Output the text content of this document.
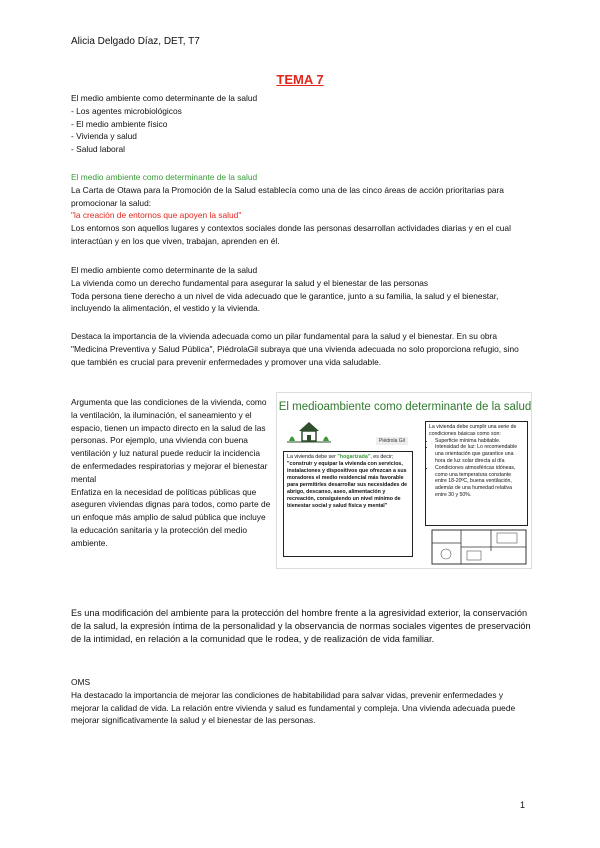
Alicia Delgado Díaz, DET, T7
TEMA 7

El medio ambiente como determinante de la salud

- Los agentes microbiológicos

- El medio ambiente físico

- Vivienda y salud

- Salud laboral

El medio ambiente como determinante de la salud

La Carta de Otawa para la Promoción de la Salud establecía como una de las cinco áreas de acción prioritarias para promocionar la salud:

"la creación de entornos que apoyen la salud"

Los entornos son aquellos lugares y contextos sociales donde las personas desarrollan actividades diarias y en el cual interactúan y en los que viven, trabajan, aprenden en él.

El medio ambiente como determinante de la salud

La vivienda como un derecho fundamental para asegurar la salud y el bienestar de las personas

Toda persona tiene derecho a un nivel de vida adecuado que le garantice, junto a su familia, la salud y el bienestar, incluyendo la alimentación, el vestido y la vivienda.

Destaca la importancia de la vivienda adecuada como un pilar fundamental para la salud y el bienestar. En su obra "Medicina Preventiva y Salud Pública", PiédrolaGil subraya que una vivienda adecuada no solo proporciona refugio, sino que también es crucial para prevenir enfermedades y promover una vida saludable.

Argumenta que las condiciones de la vivienda, como la ventilación, la iluminación, el saneamiento y el espacio, tienen un impacto directo en la salud de las personas. Por ejemplo, una vivienda con buena ventilación y luz natural puede reducir la incidencia de enfermedades respiratorias y mejorar el bienestar mental

Enfatiza en la necesidad de políticas públicas que aseguren viviendas dignas para todos, como parte de un enfoque más amplio de salud pública que incluye la educación sanitaria y la protección del medio ambiente.

El medioambiente como determinante de la salud
Piédrola Gil
La vivienda debe ser "hogarizada", es decir; "construir y equipar la vivienda con servicios, instalaciones y dispositivos que ofrezcan a sus moradores el medio residencial más favorable para permitirles desarrollar sus necesidades de abrigo, descanso, aseo, alimentación y recreación, consiguiendo un nivel mínimo de bienestar social y salud física y mental"
La vivienda debe cumplir una serie de condiciones básicas como son:
• Superficie mínima habitable.
• Intensidad de luz: Lo recomendable una orientación que garantice una hora de luz solar directa al día
• Condiciones atmosféricas idóneas, como una temperatura constante entre 18-20ºC, buena ventilación, además de una humedad relativa entre 30 y 50%.

Es una modificación del ambiente para la protección del hombre frente a la agresividad exterior, la conservación de la salud, la expresión íntima de la personalidad y la observancia de normas sociales vigentes de preservación de la intimidad, en relación a la comunidad que le rodea, y de realización de vida familiar.

OMS

Ha destacado la importancia de mejorar las condiciones de habitabilidad para salvar vidas, prevenir enfermedades y mejorar la calidad de vida. La relación entre vivienda y salud es fundamental y compleja. Una vivienda adecuada puede mejorar significativamente la salud y el bienestar de las personas.

1
